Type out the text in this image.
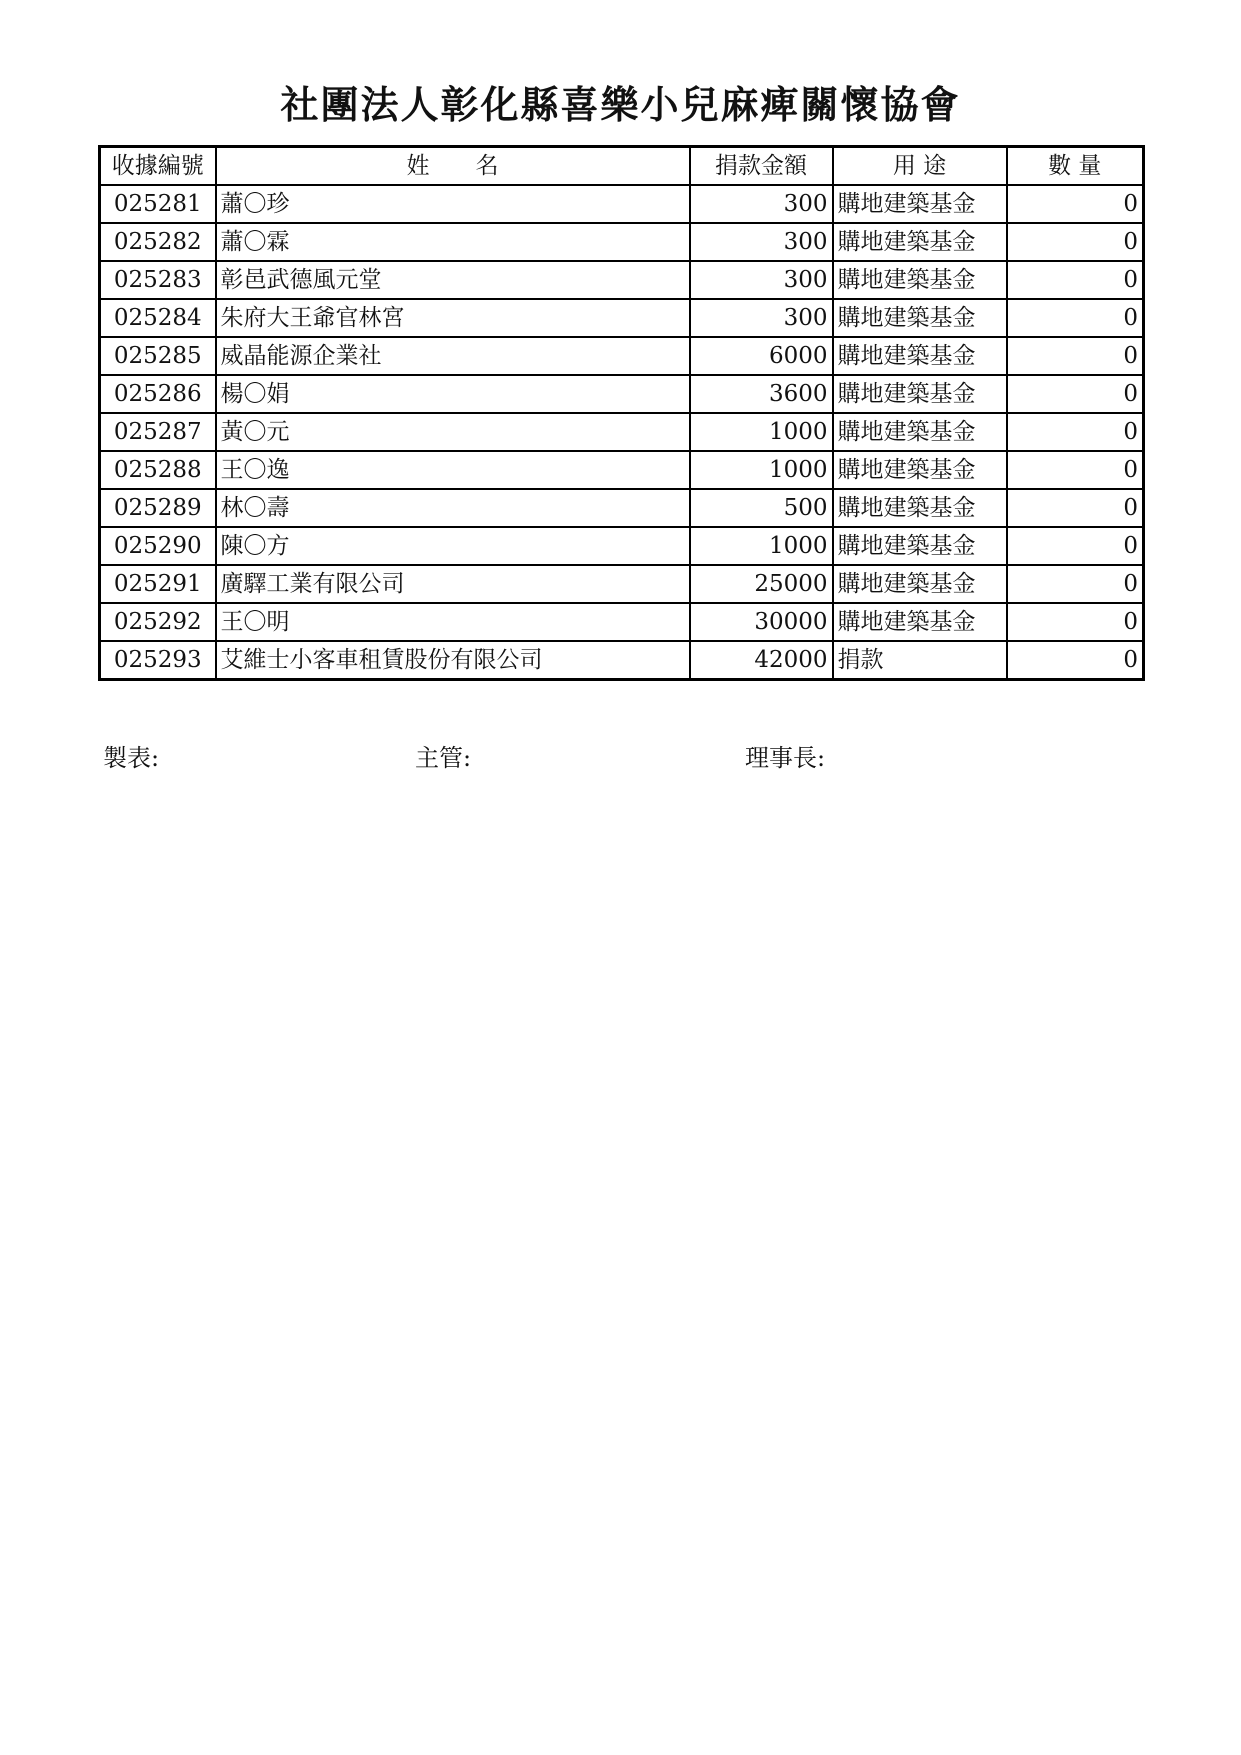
社團法人彰化縣喜樂小兒麻痺關懷協會
收據編號	姓　　名	捐款金額	用 途	數 量
025281	蕭〇珍	300	購地建築基金	0
025282	蕭〇霖	300	購地建築基金	0
025283	彰邑武德風元堂	300	購地建築基金	0
025284	朱府大王爺官林宮	300	購地建築基金	0
025285	威晶能源企業社	6000	購地建築基金	0
025286	楊〇娟	3600	購地建築基金	0
025287	黃〇元	1000	購地建築基金	0
025288	王〇逸	1000	購地建築基金	0
025289	林〇壽	500	購地建築基金	0
025290	陳〇方	1000	購地建築基金	0
025291	廣驛工業有限公司	25000	購地建築基金	0
025292	王〇明	30000	購地建築基金	0
025293	艾維士小客車租賃股份有限公司	42000	捐款	0
製表:	主管:	理事長:
